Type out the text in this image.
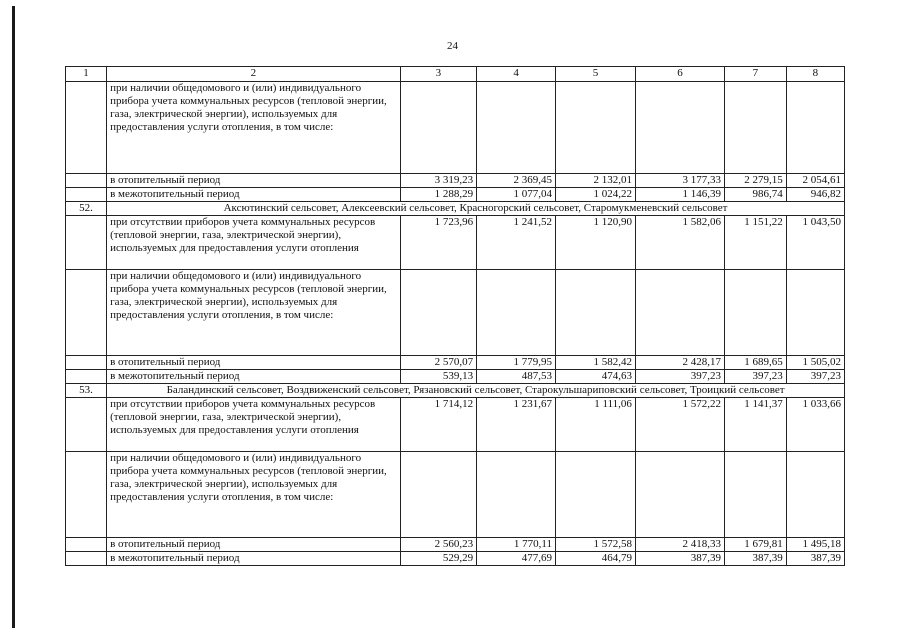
24
1	2	3	4	5	6	7	8
	при наличии общедомового и (или) индивидуального прибора учета коммунальных ресурсов (тепловой энергии, газа, электрической энергии), используемых для предоставления услуги отопления, в том числе:						
	в отопительный период	3 319,23	2 369,45	2 132,01	3 177,33	2 279,15	2 054,61
	в межотопительный период	1 288,29	1 077,04	1 024,22	1 146,39	986,74	946,82
52.	Аксютинский сельсовет, Алексеевский сельсовет, Красногорский сельсовет, Старомукменевский сельсовет						
	при отсутствии приборов учета коммунальных ресурсов (тепловой энергии, газа, электрической энергии), используемых для предоставления услуги отопления	1 723,96	1 241,52	1 120,90	1 582,06	1 151,22	1 043,50
	при наличии общедомового и (или) индивидуального прибора учета коммунальных ресурсов (тепловой энергии, газа, электрической энергии), используемых для предоставления услуги отопления, в том числе:						
	в отопительный период	2 570,07	1 779,95	1 582,42	2 428,17	1 689,65	1 505,02
	в межотопительный период	539,13	487,53	474,63	397,23	397,23	397,23
53.	Баландинский сельсовет, Воздвиженский сельсовет, Рязановский сельсовет, Старокульшариповский сельсовет, Троицкий сельсовет						
	при отсутствии приборов учета коммунальных ресурсов (тепловой энергии, газа, электрической энергии), используемых для предоставления услуги отопления	1 714,12	1 231,67	1 111,06	1 572,22	1 141,37	1 033,66
	при наличии общедомового и (или) индивидуального прибора учета коммунальных ресурсов (тепловой энергии, газа, электрической энергии), используемых для предоставления услуги отопления, в том числе:						
	в отопительный период	2 560,23	1 770,11	1 572,58	2 418,33	1 679,81	1 495,18
	в межотопительный период	529,29	477,69	464,79	387,39	387,39	387,39
